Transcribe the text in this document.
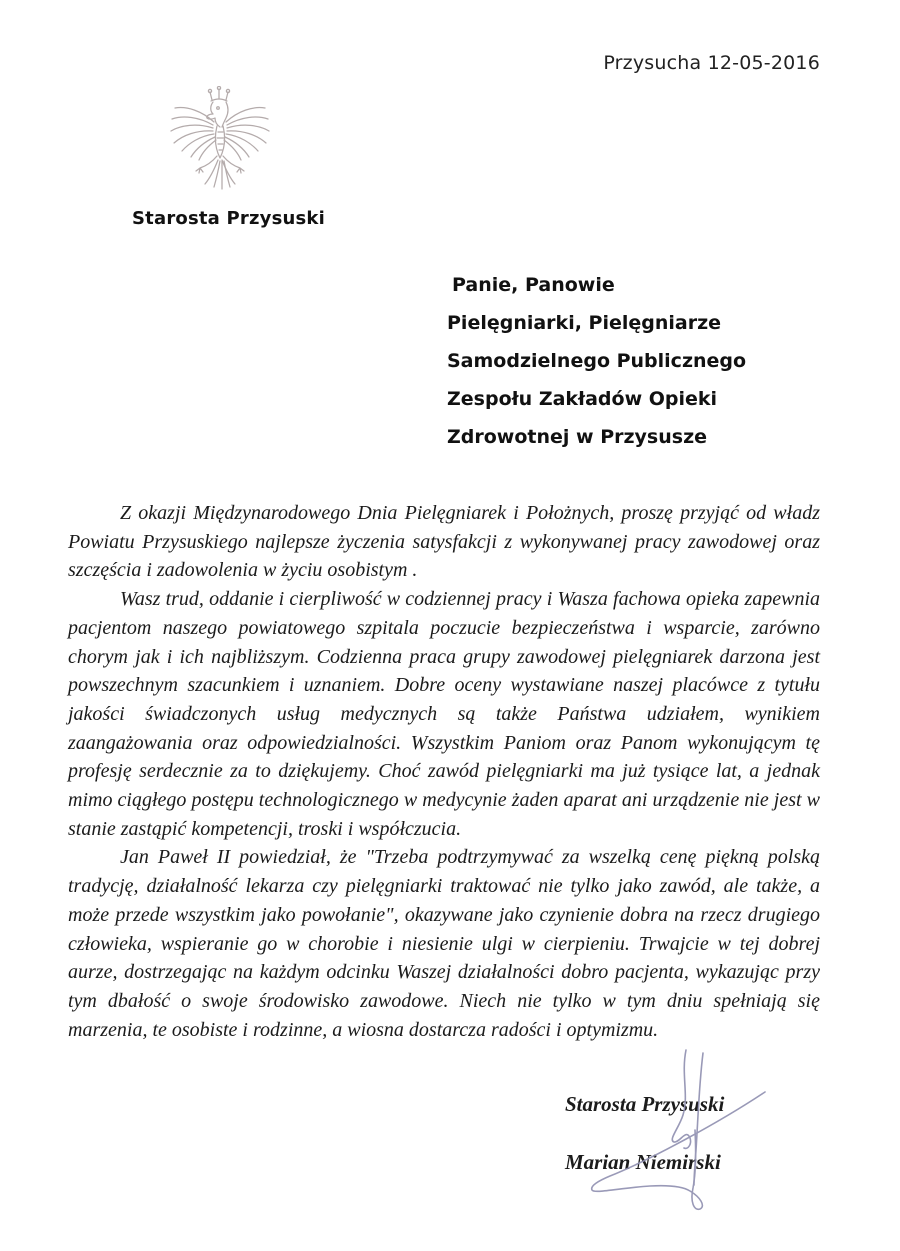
Przysucha 12-05-2016
Starosta Przysuski
Panie, Panowie
Pielęgniarki, Pielęgniarze
Samodzielnego Publicznego
Zespołu Zakładów Opieki
Zdrowotnej w Przysusze

Z okazji Międzynarodowego Dnia Pielęgniarek i Położnych, proszę przyjąć od władz Powiatu Przysuskiego najlepsze życzenia satysfakcji z wykonywanej pracy zawodowej oraz szczęścia i zadowolenia w życiu osobistym .

Wasz trud, oddanie i cierpliwość w codziennej pracy i Wasza fachowa opieka zapewnia pacjentom naszego powiatowego szpitala poczucie bezpieczeństwa i wsparcie, zarówno chorym jak i ich najbliższym. Codzienna praca grupy zawodowej pielęgniarek darzona jest powszechnym szacunkiem i uznaniem. Dobre oceny wystawiane naszej placówce z tytułu jakości świadczonych usług medycznych są także Państwa udziałem, wynikiem zaangażowania oraz odpowiedzialności. Wszystkim Paniom oraz Panom wykonującym tę profesję serdecznie za to dziękujemy. Choć zawód pielęgniarki ma już tysiące lat, a jednak mimo ciągłego postępu technologicznego w medycynie żaden aparat ani urządzenie nie jest w stanie zastąpić kompetencji, troski i współczucia.

Jan Paweł II powiedział, że "Trzeba podtrzymywać za wszelką cenę piękną polską tradycję, działalność lekarza czy pielęgniarki traktować nie tylko jako zawód, ale także, a może przede wszystkim jako powołanie", okazywane jako czynienie dobra na rzecz drugiego człowieka, wspieranie go w chorobie i niesienie ulgi w cierpieniu. Trwajcie w tej dobrej aurze, dostrzegając na każdym odcinku Waszej działalności dobro pacjenta, wykazując przy tym dbałość o swoje środowisko zawodowe. Niech nie tylko w tym dniu spełniają się marzenia, te osobiste i rodzinne, a wiosna dostarcza radości i optymizmu.

Starosta Przysuski
Marian Niemirski
